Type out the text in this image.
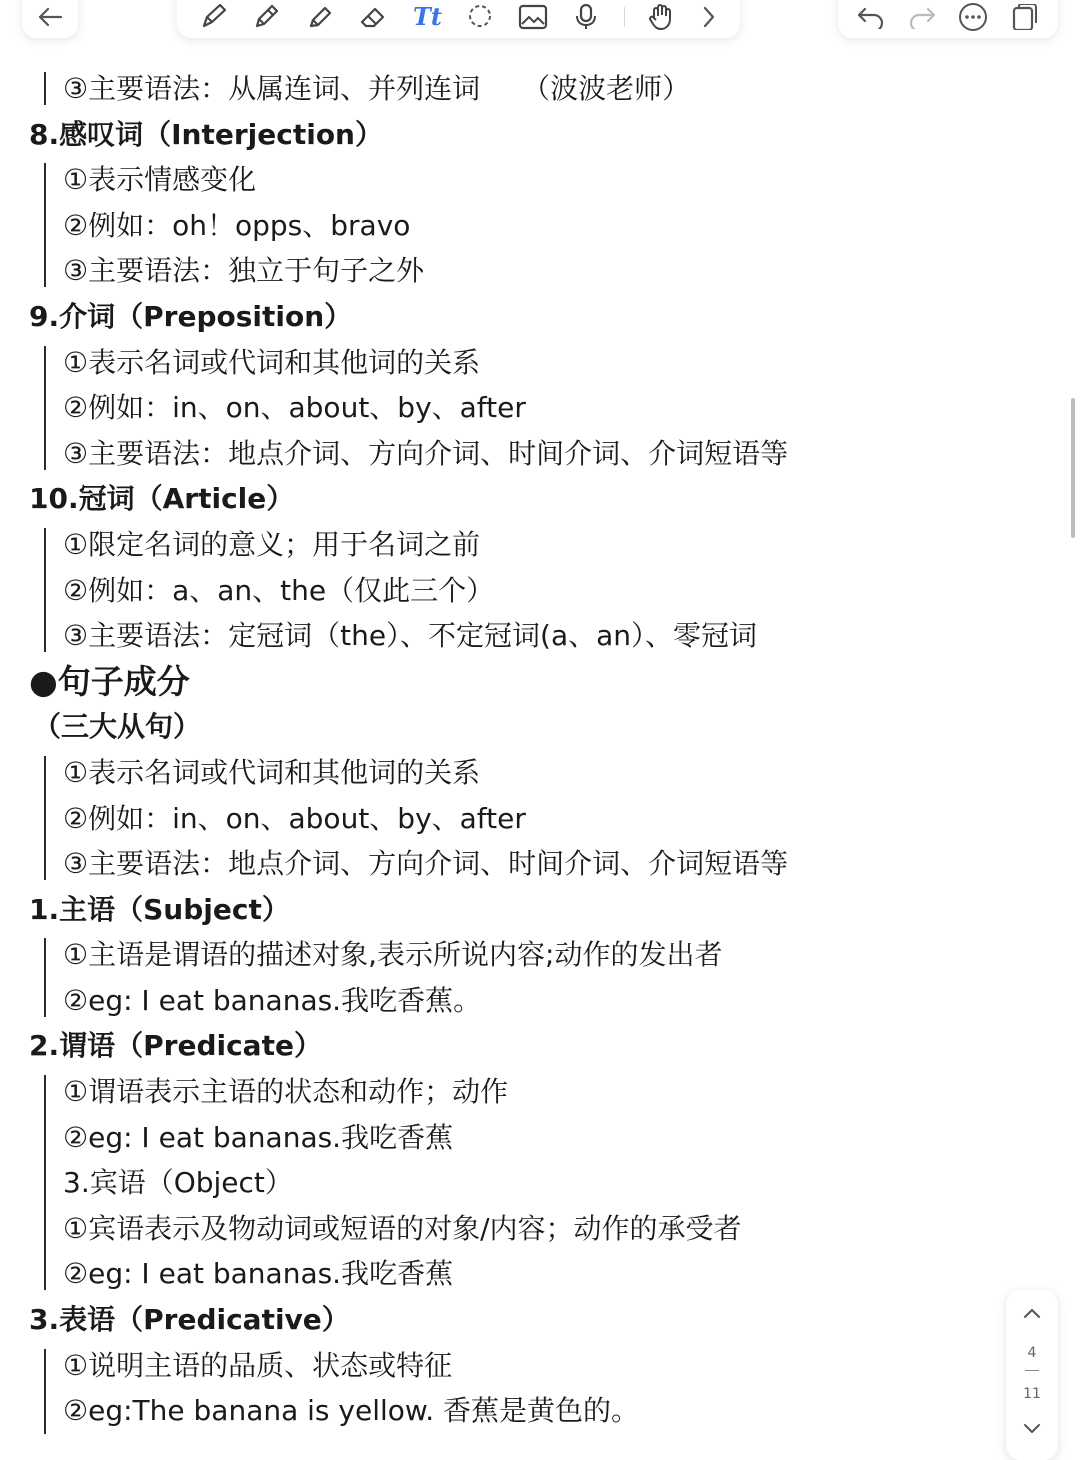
Tt
③主要语法：从属连词、并列连词　　（波波老师）
8.感叹词（Interjection）
①表示情感变化
②例如：oh！opps、bravo
③主要语法：独立于句子之外
9.介词（Preposition）
①表示名词或代词和其他词的关系
②例如：in、on、about、by、after
③主要语法：地点介词、方向介词、时间介词、介词短语等
10.冠词（Article）
①限定名词的意义；用于名词之前
②例如：a、an、the（仅此三个）
③主要语法：定冠词（the）、不定冠词(a、an）、零冠词
●句子成分
（三大从句）
①表示名词或代词和其他词的关系
②例如：in、on、about、by、after
③主要语法：地点介词、方向介词、时间介词、介词短语等
1.主语（Subject）
①主语是谓语的描述对象,表示所说内容;动作的发出者
②eg: I eat bananas.我吃香蕉。
2.谓语（Predicate）
①谓语表示主语的状态和动作；动作
②eg: I eat bananas.我吃香蕉
3.宾语（Object）
①宾语表示及物动词或短语的对象/内容；动作的承受者
②eg: I eat bananas.我吃香蕉
3.表语（Predicative）
①说明主语的品质、状态或特征
②eg:The banana is yellow. 香蕉是黄色的。
4
11
